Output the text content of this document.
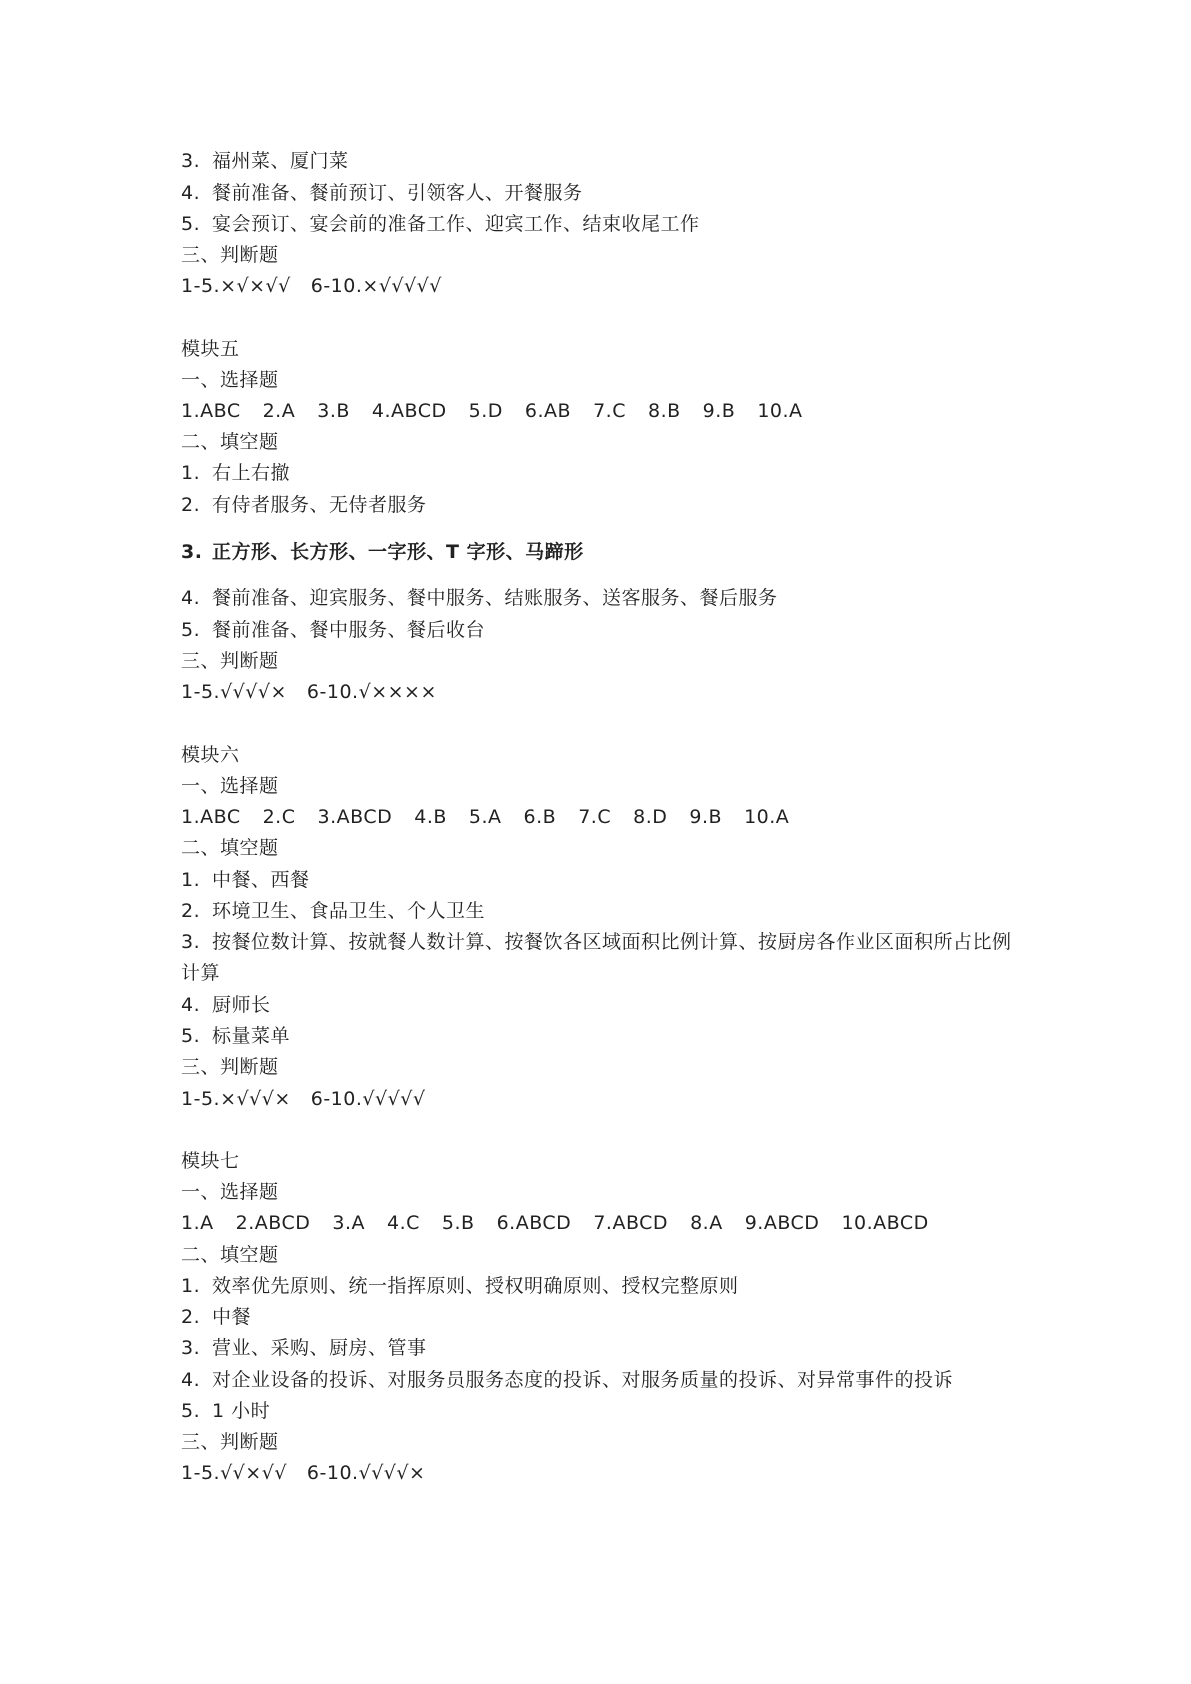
3. 福州菜、厦门菜
4. 餐前准备、餐前预订、引领客人、开餐服务
5. 宴会预订、宴会前的准备工作、迎宾工作、结束收尾工作
三、判断题
1-5.×√×√√ 6-10.×√√√√√
模块五
一、选择题
1.ABC 2.A 3.B 4.ABCD 5.D 6.AB 7.C 8.B 9.B 10.A
二、填空题
1. 右上右撤
2. 有侍者服务、无侍者服务
3. 正方形、长方形、一字形、T 字形、马蹄形
4. 餐前准备、迎宾服务、餐中服务、结账服务、送客服务、餐后服务
5. 餐前准备、餐中服务、餐后收台
三、判断题
1-5.√√√√× 6-10.√××××
模块六
一、选择题
1.ABC 2.C 3.ABCD 4.B 5.A 6.B 7.C 8.D 9.B 10.A
二、填空题
1. 中餐、西餐
2. 环境卫生、食品卫生、个人卫生
3. 按餐位数计算、按就餐人数计算、按餐饮各区域面积比例计算、按厨房各作业区面积所占比例计算
4. 厨师长
5. 标量菜单
三、判断题
1-5.×√√√× 6-10.√√√√√
模块七
一、选择题
1.A 2.ABCD 3.A 4.C 5.B 6.ABCD 7.ABCD 8.A 9.ABCD 10.ABCD
二、填空题
1. 效率优先原则、统一指挥原则、授权明确原则、授权完整原则
2. 中餐
3. 营业、采购、厨房、管事
4. 对企业设备的投诉、对服务员服务态度的投诉、对服务质量的投诉、对异常事件的投诉
5. 1 小时
三、判断题
1-5.√√×√√ 6-10.√√√√×
